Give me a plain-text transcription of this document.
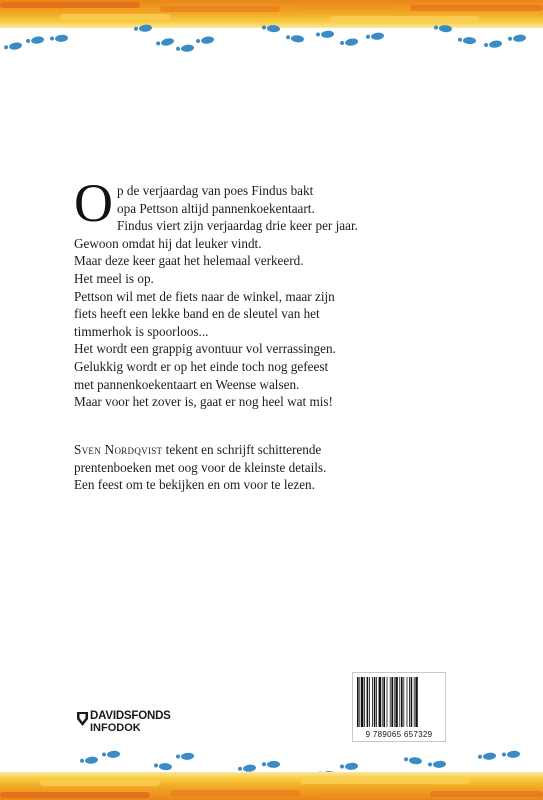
O p de verjaardag van poes Findus bakt

opa Pettson altijd pannenkoekentaart.

Findus viert zijn verjaardag drie keer per jaar.

Gewoon omdat hij dat leuker vindt.

Maar deze keer gaat het helemaal verkeerd.

Het meel is op.

Pettson wil met de fiets naar de winkel, maar zijn

fiets heeft een lekke band en de sleutel van het

timmerhok is spoorloos...

Het wordt een grappig avontuur vol verrassingen.

Gelukkig wordt er op het einde toch nog gefeest

met pannenkoekentaart en Weense walsen.

Maar voor het zover is, gaat er nog heel wat mis!

Sven Nordqvist tekent en schrijft schitterende

prentenboeken met oog voor de kleinste details.

Een feest om te bekijken en om voor te lezen.

DAVIDSFONDS
INFODOK
9 789065 657329
